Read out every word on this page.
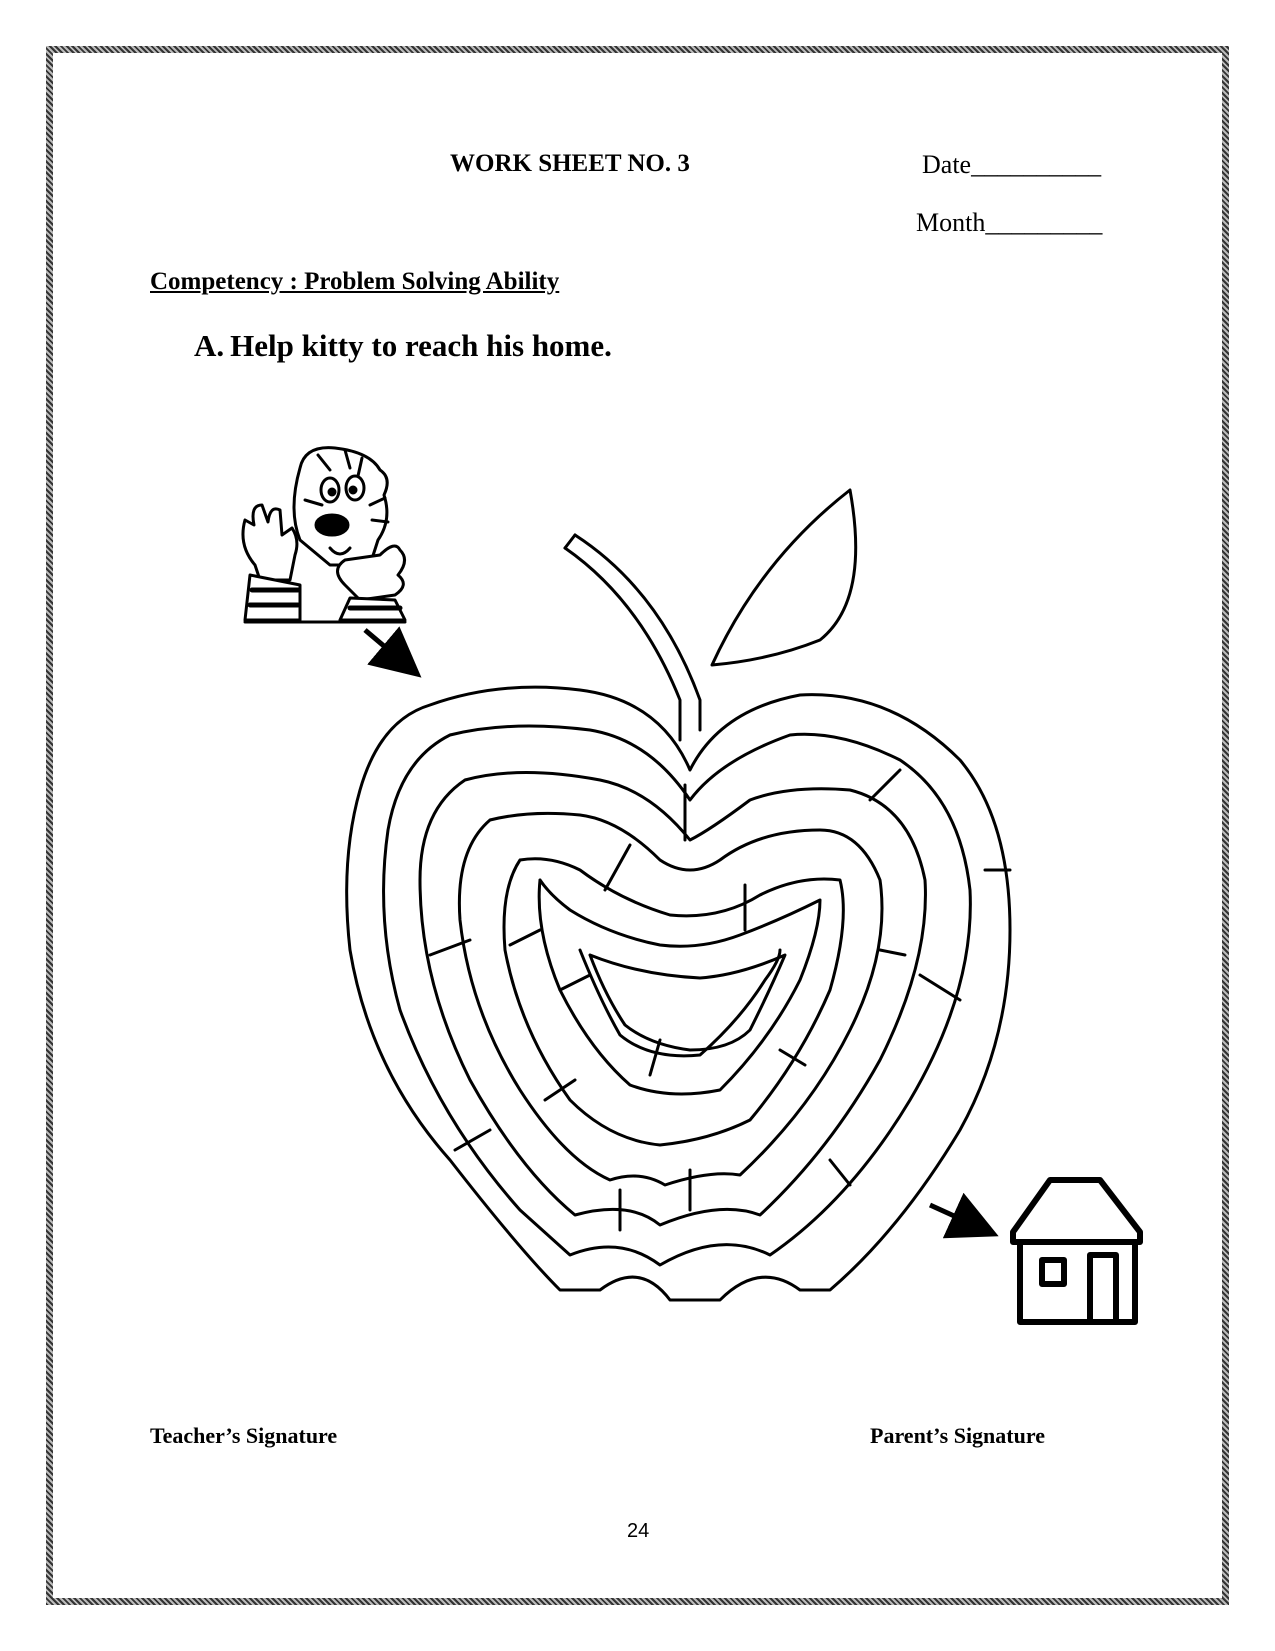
WORK SHEET NO. 3	Date__________
Month_________
Competency : Problem Solving Ability
A. Help kitty to reach his home.
Teacher’s Signature	Parent’s Signature
24
